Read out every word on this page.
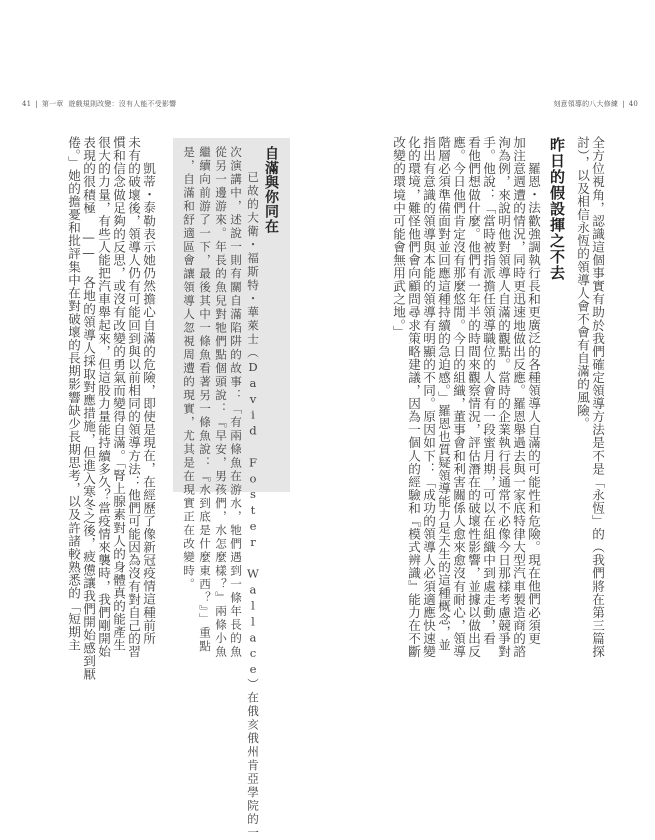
41 | 第一章 遊戲規則改變：沒有人能不受影響	刻意領導的八大修練 | 40
全方位視角，認識這個事實有助於我們確定領導方法是不是「永恆」的（我們將在第三篇探
討），以及相信永恆的領導人會不會有自滿的風險。
昨日的假設揮之不去
羅恩・法歡強調執行長和更廣泛的各種領導人自滿的可能性和危險。現在他們必須更
加注意週遭的情況，同時更迅速地做出反應。羅恩舉過去與一家底特律大型汽車製造商的諮
洵為例，來說明他對領導人自滿的觀點。當時的企業執行長通常不必像今日那樣考慮競爭對
手。他說：「當時被指派擔任領導職位的人會有一段蜜月期，可以在組織中到處走動，看
看他們想做什麼。他們有一年半的時間來觀察情況，評估潛在的破壞性影響，並據以做出反
應。今日他們肯定沒有那麼悠閒。今日的組織，董事會和利害關係人愈來愈沒有耐心，領導
階層必須準備面對並回應這種持續的急迫感。」羅恩也質疑領導能力是天生的這種概念，並
指出有意識的領導與本能的領導有明顯的不同。原因如下：「成功的領導人必須適應快速變
化的環境，難怪他們會向顧問尋求策略建議，因為一個人的經驗和『模式辨識』能力在不斷
改變的環境中可能會無用武之地。」
自滿與你同在
已故的大衛・福斯特・華萊士（David Foster Wallace）在俄亥俄州肯亞學院的一
次演講中，述說一則有關自滿陷阱的故事：「有兩條魚在游水，牠們遇到一條年長的魚
從另一邊游來。年長的魚兒對牠們點個頭說：『早安，男孩們，水怎麼樣？』兩條小魚
繼續向前游了一下，最後其中一條魚看著另一條魚說：『水到底是什麼東西？』」重點
是，自滿和舒適區會讓領導人忽視周遭的現實，尤其是在現實正在改變時。
凱蒂・泰勒表示她仍然擔心自滿的危險，即使是現在，在經歷了像新冠疫情這種前所
未有的破壞後，領導人仍有可能回到與以前相同的領導方法：他們可能因為沒有對自己的習
慣和信念做足夠的反思，或沒有改變的勇氣而變得自滿。「腎上腺素對人的身體真的能產生
很大的力量，有些人能把汽車舉起來，但這股力量能持續多久？當疫情來襲時，我們剛開始
表現的很積極 —— 各地的領導人採取對應措施，但進入寒冬之後，疲憊讓我們開始感到厭
倦。」她的擔憂和批評集中在對破壞的長期影響缺少長期思考，以及許諸較熟悉的「短期主
